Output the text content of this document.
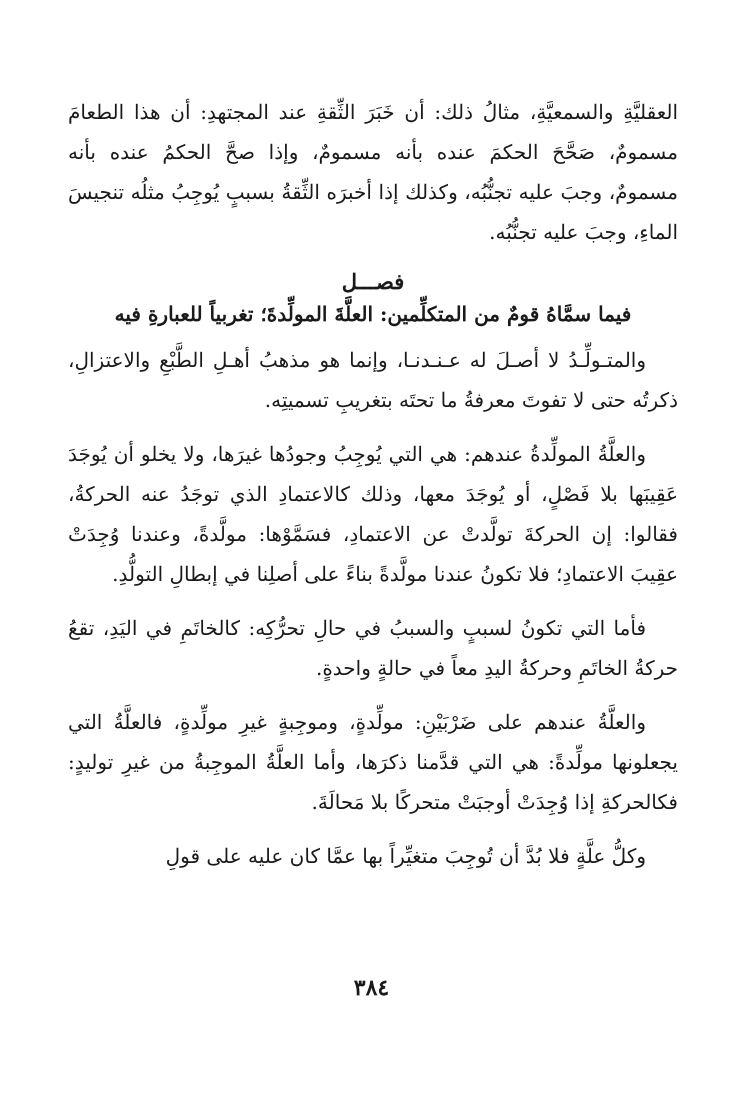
العقليَّةِ والسمعيَّةِ، مثالُ ذلك: أن خَبَرَ الثِّقةِ عند المجتهدِ: أن هذا الطعامَ مسمومٌ، صَحَّحَ الحكمَ عنده بأنه مسمومٌ، وإذا صحَّ الحكمُ عنده بأنه مسمومٌ، وجبَ عليه تجنُّبُه، وكذلك إذا أخبرَه الثِّقةُ بسببٍ يُوجِبُ مثلُه تنجيسَ الماءِ، وجبَ عليه تجنُّبُه.

فصـــل
فيما سمَّاهُ قومٌ من المتكلِّمين: العلَّةَ المولِّدةَ؛ تغربياً للعبارةِ فيه

والمتـولِّـدُ لا أصـلَ له عـنـدنـا، وإنما هو مذهبُ أهـلِ الطَّبْعِ والاعتزالِ، ذكرتُه حتى لا تفوتَ معرفةُ ما تحتَه بتغريبِ تسميتِه.

والعلَّةُ المولِّدةُ عندهم: هي التي يُوجِبُ وجودُها غيرَها، ولا يخلو أن يُوجَدَ عَقِيبَها بلا فَصْلٍ، أو يُوجَدَ معها، وذلك كالاعتمادِ الذي توجَدُ عنه الحركةُ، فقالوا: إن الحركةَ تولَّدتْ عن الاعتمادِ، فسَمَّوْها: مولَّدةً، وعندنا وُجِدَتْ عقِيبَ الاعتمادِ؛ فلا تكونُ عندنا مولَّدةً بناءً على أصلِنا في إبطالِ التولُّدِ.

فأما التي تكونُ لسببٍ والسببُ في حالِ تحرُّكِه: كالخاتَمِ في اليَدِ، تقعُ حركةُ الخاتَمِ وحركةُ اليدِ معاً في حالةٍ واحدةٍ.

والعلَّةُ عندهم على ضَرْبَيْنِ: مولِّدةٍ، وموجِبةٍ غيرِ مولِّدةٍ، فالعلَّةُ التي يجعلونها مولِّدةً: هي التي قدَّمنا ذكرَها، وأما العلَّةُ الموجِبةُ من غيرِ توليدٍ: فكالحركةِ إذا وُجِدَتْ أوجبَتْ متحركًا بلا مَحالَةَ.

وكلُّ علَّةٍ فلا بُدَّ أن تُوجِبَ متغيِّراً بها عمَّا كان عليه على قولِ

٣٨٤
